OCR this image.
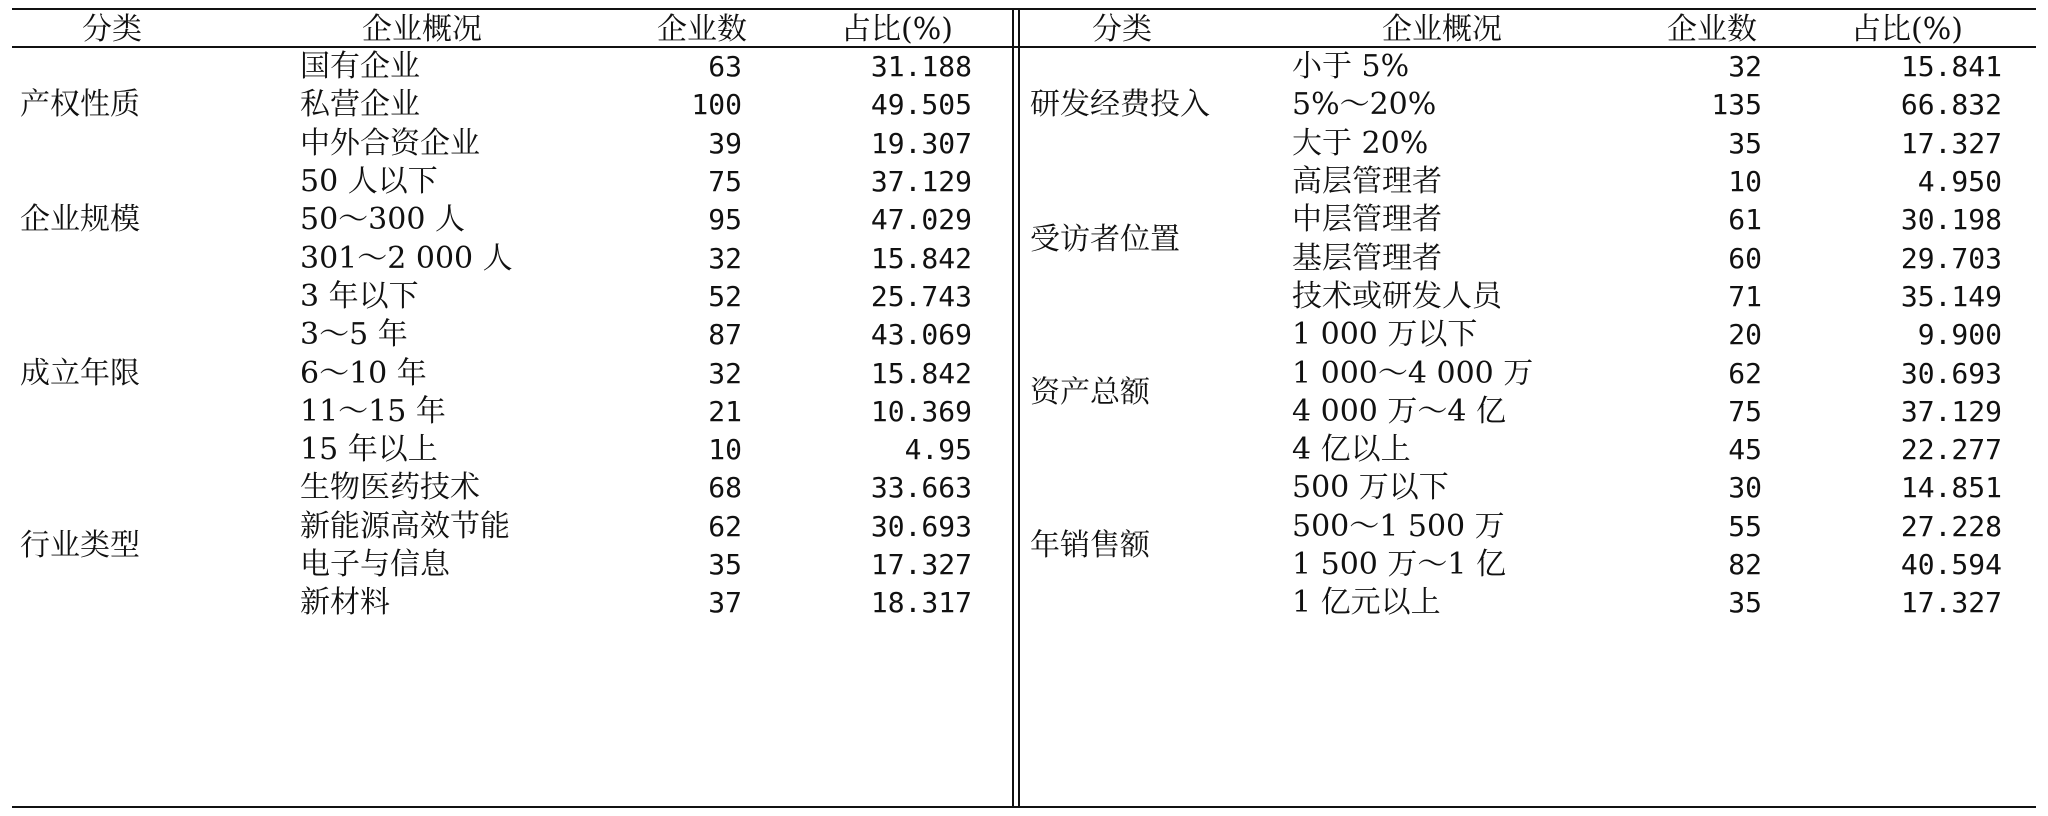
分类	企业概况	企业数	占比(%)
产权性质
国有企业	63	31.188
私营企业	100	49.505
中外合资企业	39	19.307
企业规模
50 人以下	75	37.129
50～300 人	95	47.029
301～2 000 人	32	15.842
成立年限
3 年以下	52	25.743
3～5 年	87	43.069
6～10 年	32	15.842
11～15 年	21	10.369
15 年以上	10	4.95
行业类型
生物医药技术	68	33.663
新能源高效节能	62	30.693
电子与信息	35	17.327
新材料	37	18.317
分类	企业概况	企业数	占比(%)
研发经费投入
小于 5%	32	15.841
5%～20%	135	66.832
大于 20%	35	17.327
受访者位置
高层管理者	10	4.950
中层管理者	61	30.198
基层管理者	60	29.703
技术或研发人员	71	35.149
资产总额
1 000 万以下	20	9.900
1 000～4 000 万	62	30.693
4 000 万～4 亿	75	37.129
4 亿以上	45	22.277
年销售额
500 万以下	30	14.851
500～1 500 万	55	27.228
1 500 万～1 亿	82	40.594
1 亿元以上	35	17.327
